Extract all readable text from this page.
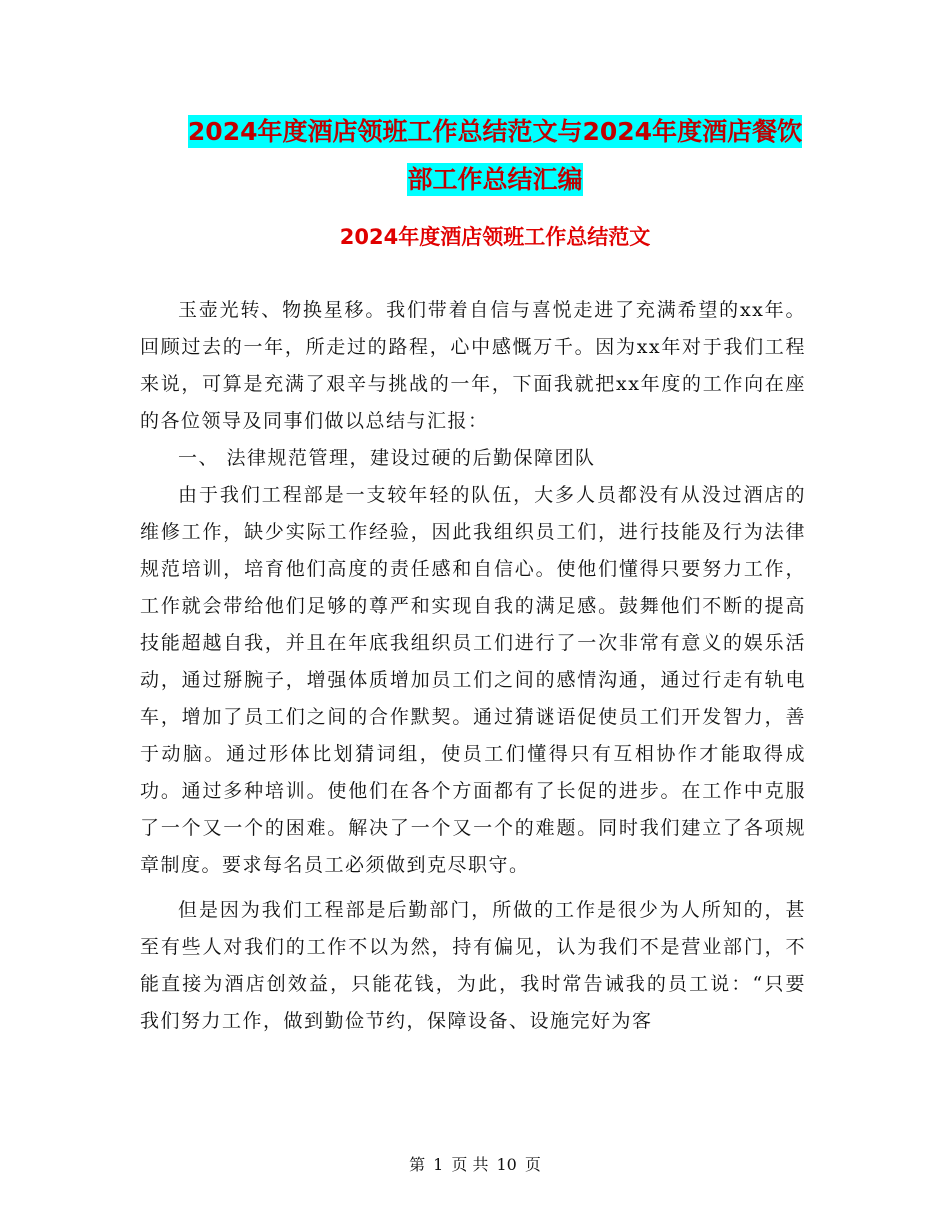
2024年度酒店领班工作总结范文与2024年度酒店餐饮
部工作总结汇编
2024年度酒店领班工作总结范文

玉壶光转、物换星移。我们带着自信与喜悦走进了充满希望的xx年。回顾过去的一年，所走过的路程，心中感慨万千。因为xx年对于我们工程来说，可算是充满了艰辛与挑战的一年，下面我就把xx年度的工作向在座的各位领导及同事们做以总结与汇报：

一、 法律规范管理，建设过硬的后勤保障团队

由于我们工程部是一支较年轻的队伍，大多人员都没有从没过酒店的维修工作，缺少实际工作经验，因此我组织员工们，进行技能及行为法律规范培训，培育他们高度的责任感和自信心。使他们懂得只要努力工作，工作就会带给他们足够的尊严和实现自我的满足感。鼓舞他们不断的提高技能超越自我，并且在年底我组织员工们进行了一次非常有意义的娱乐活动，通过掰腕子，增强体质增加员工们之间的感情沟通，通过行走有轨电车，增加了员工们之间的合作默契。通过猜谜语促使员工们开发智力，善于动脑。通过形体比划猜词组，使员工们懂得只有互相协作才能取得成功。通过多种培训。使他们在各个方面都有了长促的进步。在工作中克服了一个又一个的困难。解决了一个又一个的难题。同时我们建立了各项规章制度。要求每名员工必须做到克尽职守。

但是因为我们工程部是后勤部门，所做的工作是很少为人所知的，甚至有些人对我们的工作不以为然，持有偏见，认为我们不是营业部门，不能直接为酒店创效益，只能花钱，为此，我时常告诫我的员工说：“只要我们努力工作，做到勤俭节约，保障设备、设施完好为客

第 1 页 共 10 页
